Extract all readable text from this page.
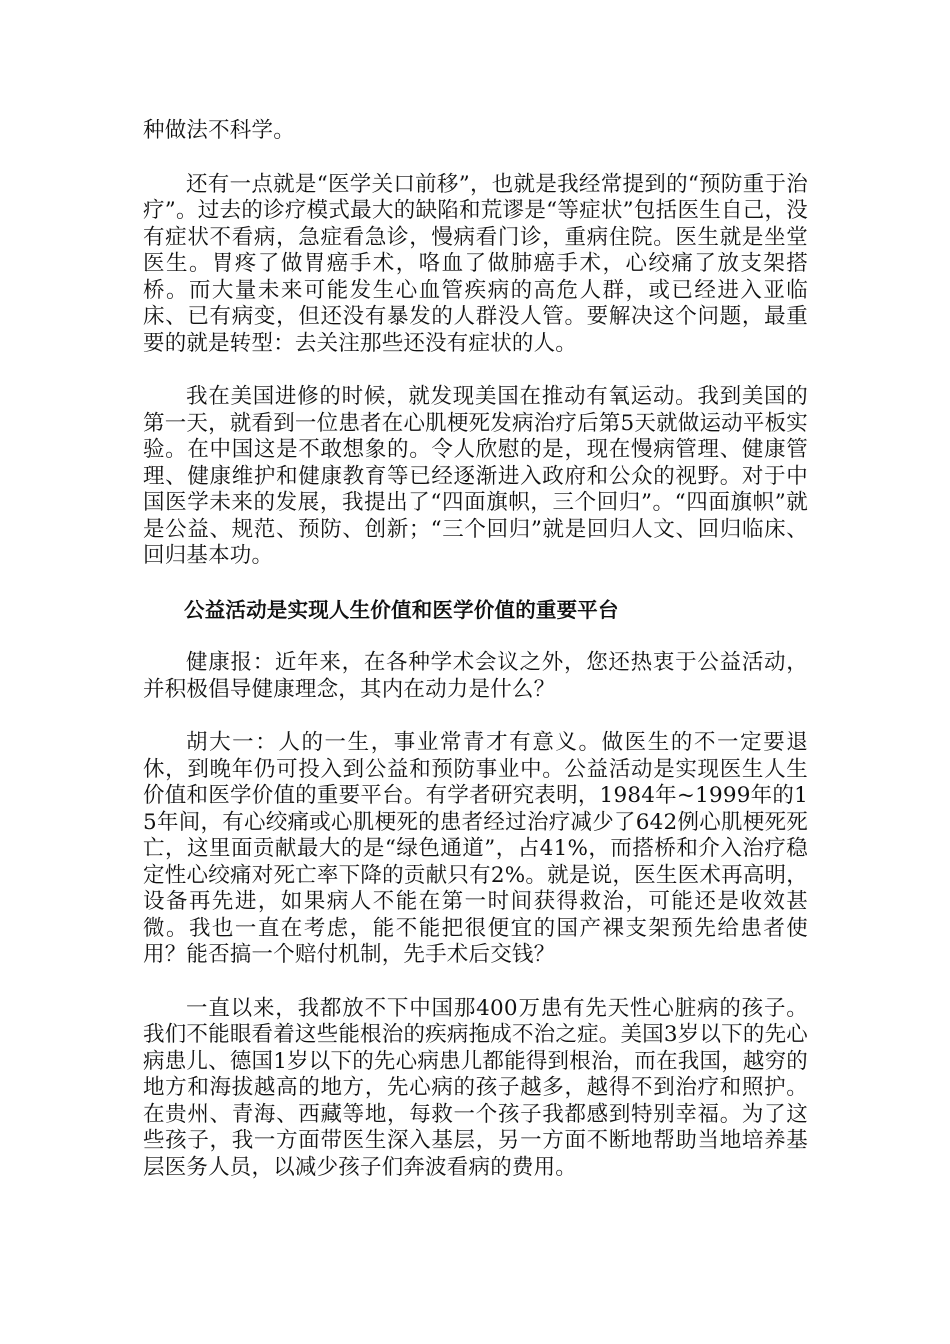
种做法不科学。

还有一点就是“医学关口前移”，也就是我经常提到的“预防重于治疗”。过去的诊疗模式最大的缺陷和荒谬是“等症状”包括医生自己，没有症状不看病，急症看急诊，慢病看门诊，重病住院。医生就是坐堂医生。胃疼了做胃癌手术，咯血了做肺癌手术，心绞痛了放支架搭桥。而大量未来可能发生心血管疾病的高危人群，或已经进入亚临床、已有病变，但还没有暴发的人群没人管。要解决这个问题，最重要的就是转型：去关注那些还没有症状的人。

我在美国进修的时候，就发现美国在推动有氧运动。我到美国的第一天，就看到一位患者在心肌梗死发病治疗后第5天就做运动平板实验。在中国这是不敢想象的。令人欣慰的是，现在慢病管理、健康管理、健康维护和健康教育等已经逐渐进入政府和公众的视野。对于中国医学未来的发展，我提出了“四面旗帜，三个回归”。“四面旗帜”就是公益、规范、预防、创新；“三个回归”就是回归人文、回归临床、回归基本功。

公益活动是实现人生价值和医学价值的重要平台

健康报：近年来，在各种学术会议之外，您还热衷于公益活动，并积极倡导健康理念，其内在动力是什么？

胡大一：人的一生，事业常青才有意义。做医生的不一定要退休，到晚年仍可投入到公益和预防事业中。公益活动是实现医生人生价值和医学价值的重要平台。有学者研究表明，1984年~1999年的15年间，有心绞痛或心肌梗死的患者经过治疗减少了642例心肌梗死死亡，这里面贡献最大的是“绿色通道”，占41%，而搭桥和介入治疗稳定性心绞痛对死亡率下降的贡献只有2%。就是说，医生医术再高明，设备再先进，如果病人不能在第一时间获得救治，可能还是收效甚微。我也一直在考虑，能不能把很便宜的国产裸支架预先给患者使用？能否搞一个赔付机制，先手术后交钱？

一直以来，我都放不下中国那400万患有先天性心脏病的孩子。我们不能眼看着这些能根治的疾病拖成不治之症。美国3岁以下的先心病患儿、德国1岁以下的先心病患儿都能得到根治，而在我国，越穷的地方和海拔越高的地方，先心病的孩子越多，越得不到治疗和照护。在贵州、青海、西藏等地，每救一个孩子我都感到特别幸福。为了这些孩子，我一方面带医生深入基层，另一方面不断地帮助当地培养基层医务人员，以减少孩子们奔波看病的费用。
